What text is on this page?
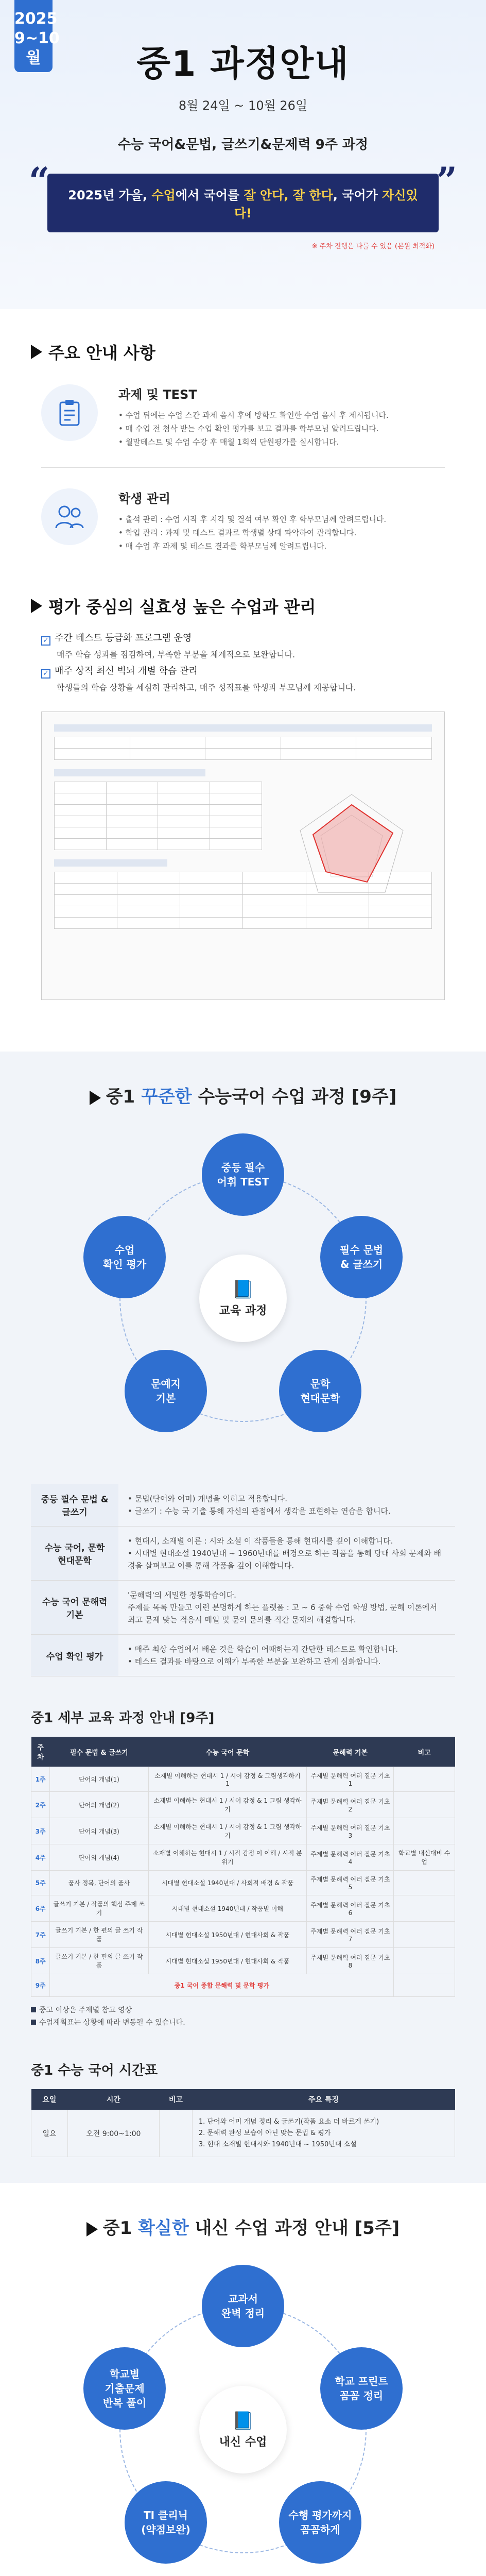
2025
9~10월	중1 과정안내
8월 24일 ~ 10월 26일
수능 국어&문법, 글쓰기&문제력 9주 과정
“ 2025년 가을, 수업에서 국어를 잘 안다, 잘 한다, 국어가 자신있다!
”
※ 주차 진행은 다를 수 있음 (본원 최적화)
주요 안내 사항
과제 및 TEST
• 수업 뒤에는 수업 스칸 과제 음시 후에 방학도 확인한 수업 음시 후 제시됩니다.
• 매 수업 전 첨삭 받는 수업 확인 평가를 보고 결과를 학부모님 알려드립니다.
• 월말테스트 및 수업 수강 후 매월 1회씩 단원평가를 실시합니다.
학생 관리
• 출석 관리 : 수업 시작 후 지각 및 결석 여부 확인 후 학부모님께 알려드립니다.
• 학업 관리 : 과제 및 테스트 결과로 학생별 상태 파악하여 관리합니다.
• 매 수업 후 과제 및 테스트 결과를 학부모님께 알려드립니다.
평가 중심의 실효성 높은 수업과 관리
✓ 주간 테스트 등급화 프로그램 운영
매주 학습 성과를 점검하여, 부족한 부분을 체계적으로 보완합니다.
✓ 매주 상적 최신 빅뇌 개별 학습 관리
학생들의 학습 상황을 세심히 관리하고, 매주 성적표를 학생과 부모님께 제공합니다.

중1 꾸준한 수능국어 수업 과정 [9주]
중등 필수
어휘 TEST
필수 문법
& 글쓰기
문학
현대문학
문예지
기본
수업
확인 평가
📘
교육 과정
중등 필수 문법 & 글쓰기	• 문법(단어와 어미) 개념을 익히고 적용합니다.
• 글쓰기 : 수능 국 기출 통해 자신의 관점에서 생각을 표현하는 연습을 합니다.
수능 국어, 문학 현대문학	• 현대시, 소재별 이론 : 시와 소설 이 작품들을 통해 현대시를 깊이 이해합니다.
• 시대별 현대소설 1940년대 ~ 1960년대를 배경으로 하는 작품을 통해 당대 사회 문제와 배경을 살펴보고 이를 통해 작품을 깊이 이해합니다.
수능 국어 문해력 기본	'문해력'의 세밀한 정통학습이다.
주제를 목록 만들고 이런 분명하게 하는 플랫폼 : 고 ~ 6 중학 수업 학생 방법, 문해 이론에서 최고 문제 맞는 적응시 매일 및 문의 문의를 직간 문제의 해결합니다.
수업 확인 평가	• 매주 최상 수업에서 배운 것을 학습이 어때하는지 간단한 테스트로 확인합니다.
• 테스트 결과를 바탕으로 이해가 부족한 부분을 보완하고 관계 심화합니다.
중1 세부 교육 과정 안내 [9주]
주차	필수 문법 & 글쓰기	수능 국어 문학	문해력 기본	비고
1주	단어의 개념(1)	소재별 이해하는 현대시 1 / 시어 감정 & 그림생각하기 1	주제별 문해력 여러 질문 기초 1	
2주	단어의 개념(2)	소재별 이해하는 현대시 1 / 시어 감정 & 1 그림 생각하기	주제별 문해력 여러 질문 기초 2	
3주	단어의 개념(3)	소재별 이해하는 현대시 1 / 시어 감정 & 1 그림 생각하기	주제별 문해력 여러 질문 기초 3	
4주	단어의 개념(4)	소재별 이해하는 현대시 1 / 시적 감정 이 이해 / 시적 분위기	주제별 문해력 여러 질문 기초 4	학교별 내신대비 수업
5주	품사 정복, 단어의 품사	시대별 현대소설 1940년대 / 사회적 배경 & 작품	주제별 문해력 여러 질문 기초 5	
6주	글쓰기 기본 / 작품의 핵심 주제 쓰기	시대별 현대소설 1940년대 / 작품별 이해	주제별 문해력 여러 질문 기초 6	
7주	글쓰기 기본 / 한 편의 글 쓰기 작품	시대별 현대소설 1950년대 / 현대사회 & 작품	주제별 문해력 여러 질문 기초 7	
8주	글쓰기 기본 / 한 편의 글 쓰기 작품	시대별 현대소설 1950년대 / 현대사회 & 작품	주제별 문해력 여러 질문 기초 8	
9주	중1 국어 종합 문해력 및 문학 평가			
중고 이상은 주제별 참고 영상
수업계획표는 상황에 따라 변동될 수 있습니다.
중1 수능 국어 시간표
요일	시간	비고	주요 특징
일요	오전 9:00~1:00		1. 단어와 어미 개념 정리 & 글쓰기(작품 요소 더 바르게 쓰기)
2. 문해력 완성 보습이 아닌 맞는 문법 & 평가
3. 현대 소재별 현대시와 1940년대 ~ 1950년대 소설
중1 확실한 내신 수업 과정 안내 [5주]
교과서
완벽 정리
학교 프린트
꼼꼼 정리
수행 평가까지
꼼꼼하게
TI 클리닉
(약점보완)
학교별
기출문제
반복 풀이
📘
내신 수업
